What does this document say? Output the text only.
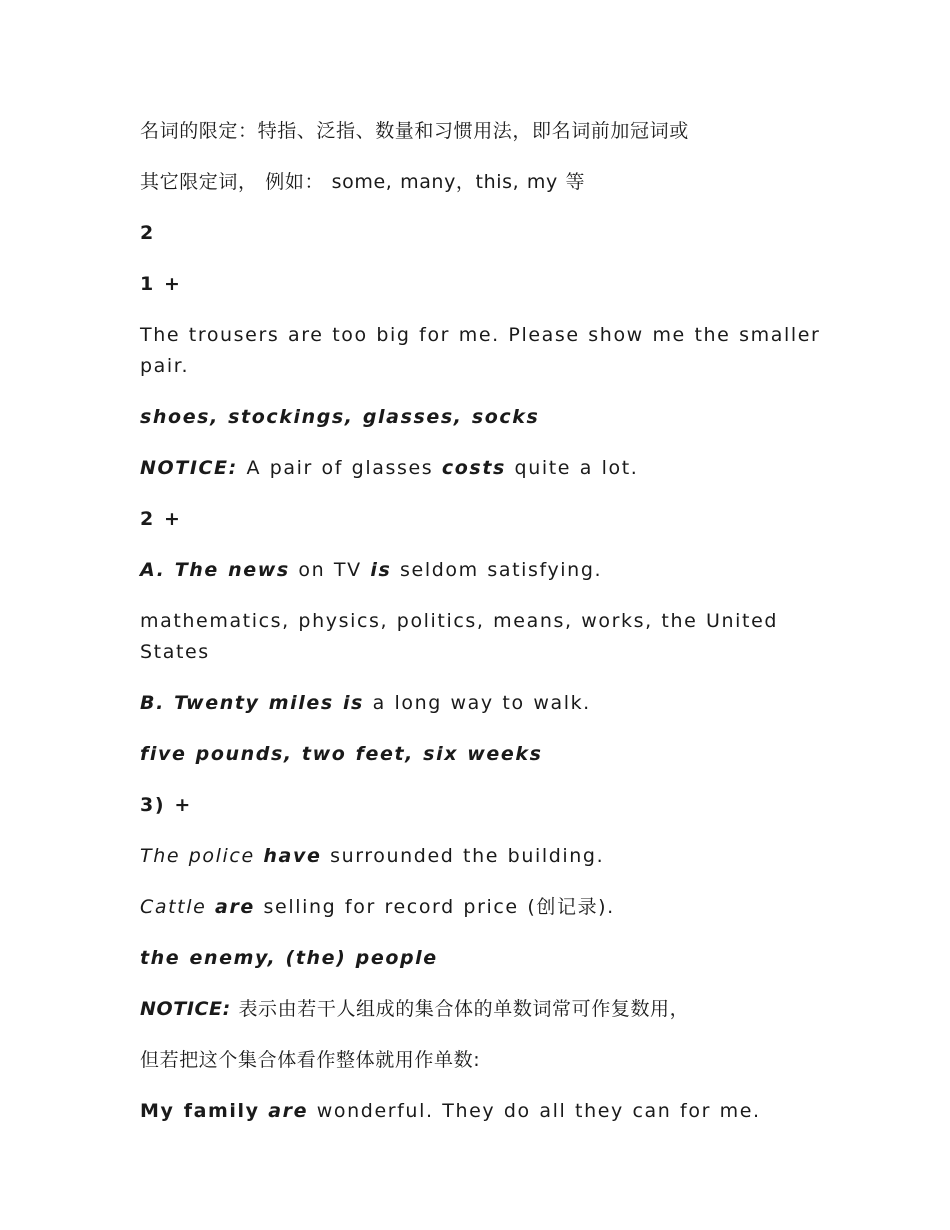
名词的限定：特指、泛指、数量和习惯用法，即名词前加冠词或

其它限定词， 例如： some, many，this, my 等

2

1 +

The trousers are too big for me. Please show me the smaller pair.

shoes, stockings, glasses, socks

NOTICE: A pair of glasses costs quite a lot.

2 +

A. The news on TV is seldom satisfying.

mathematics, physics, politics, means, works, the United States

B. Twenty miles is a long way to walk.

five pounds, two feet, six weeks

3) +

The police have surrounded the building.

Cattle are selling for record price (创记录).

the enemy, (the) people

NOTICE: 表示由若干人组成的集合体的单数词常可作复数用，

但若把这个集合体看作整体就用作单数:

My family are wonderful. They do all they can for me.
